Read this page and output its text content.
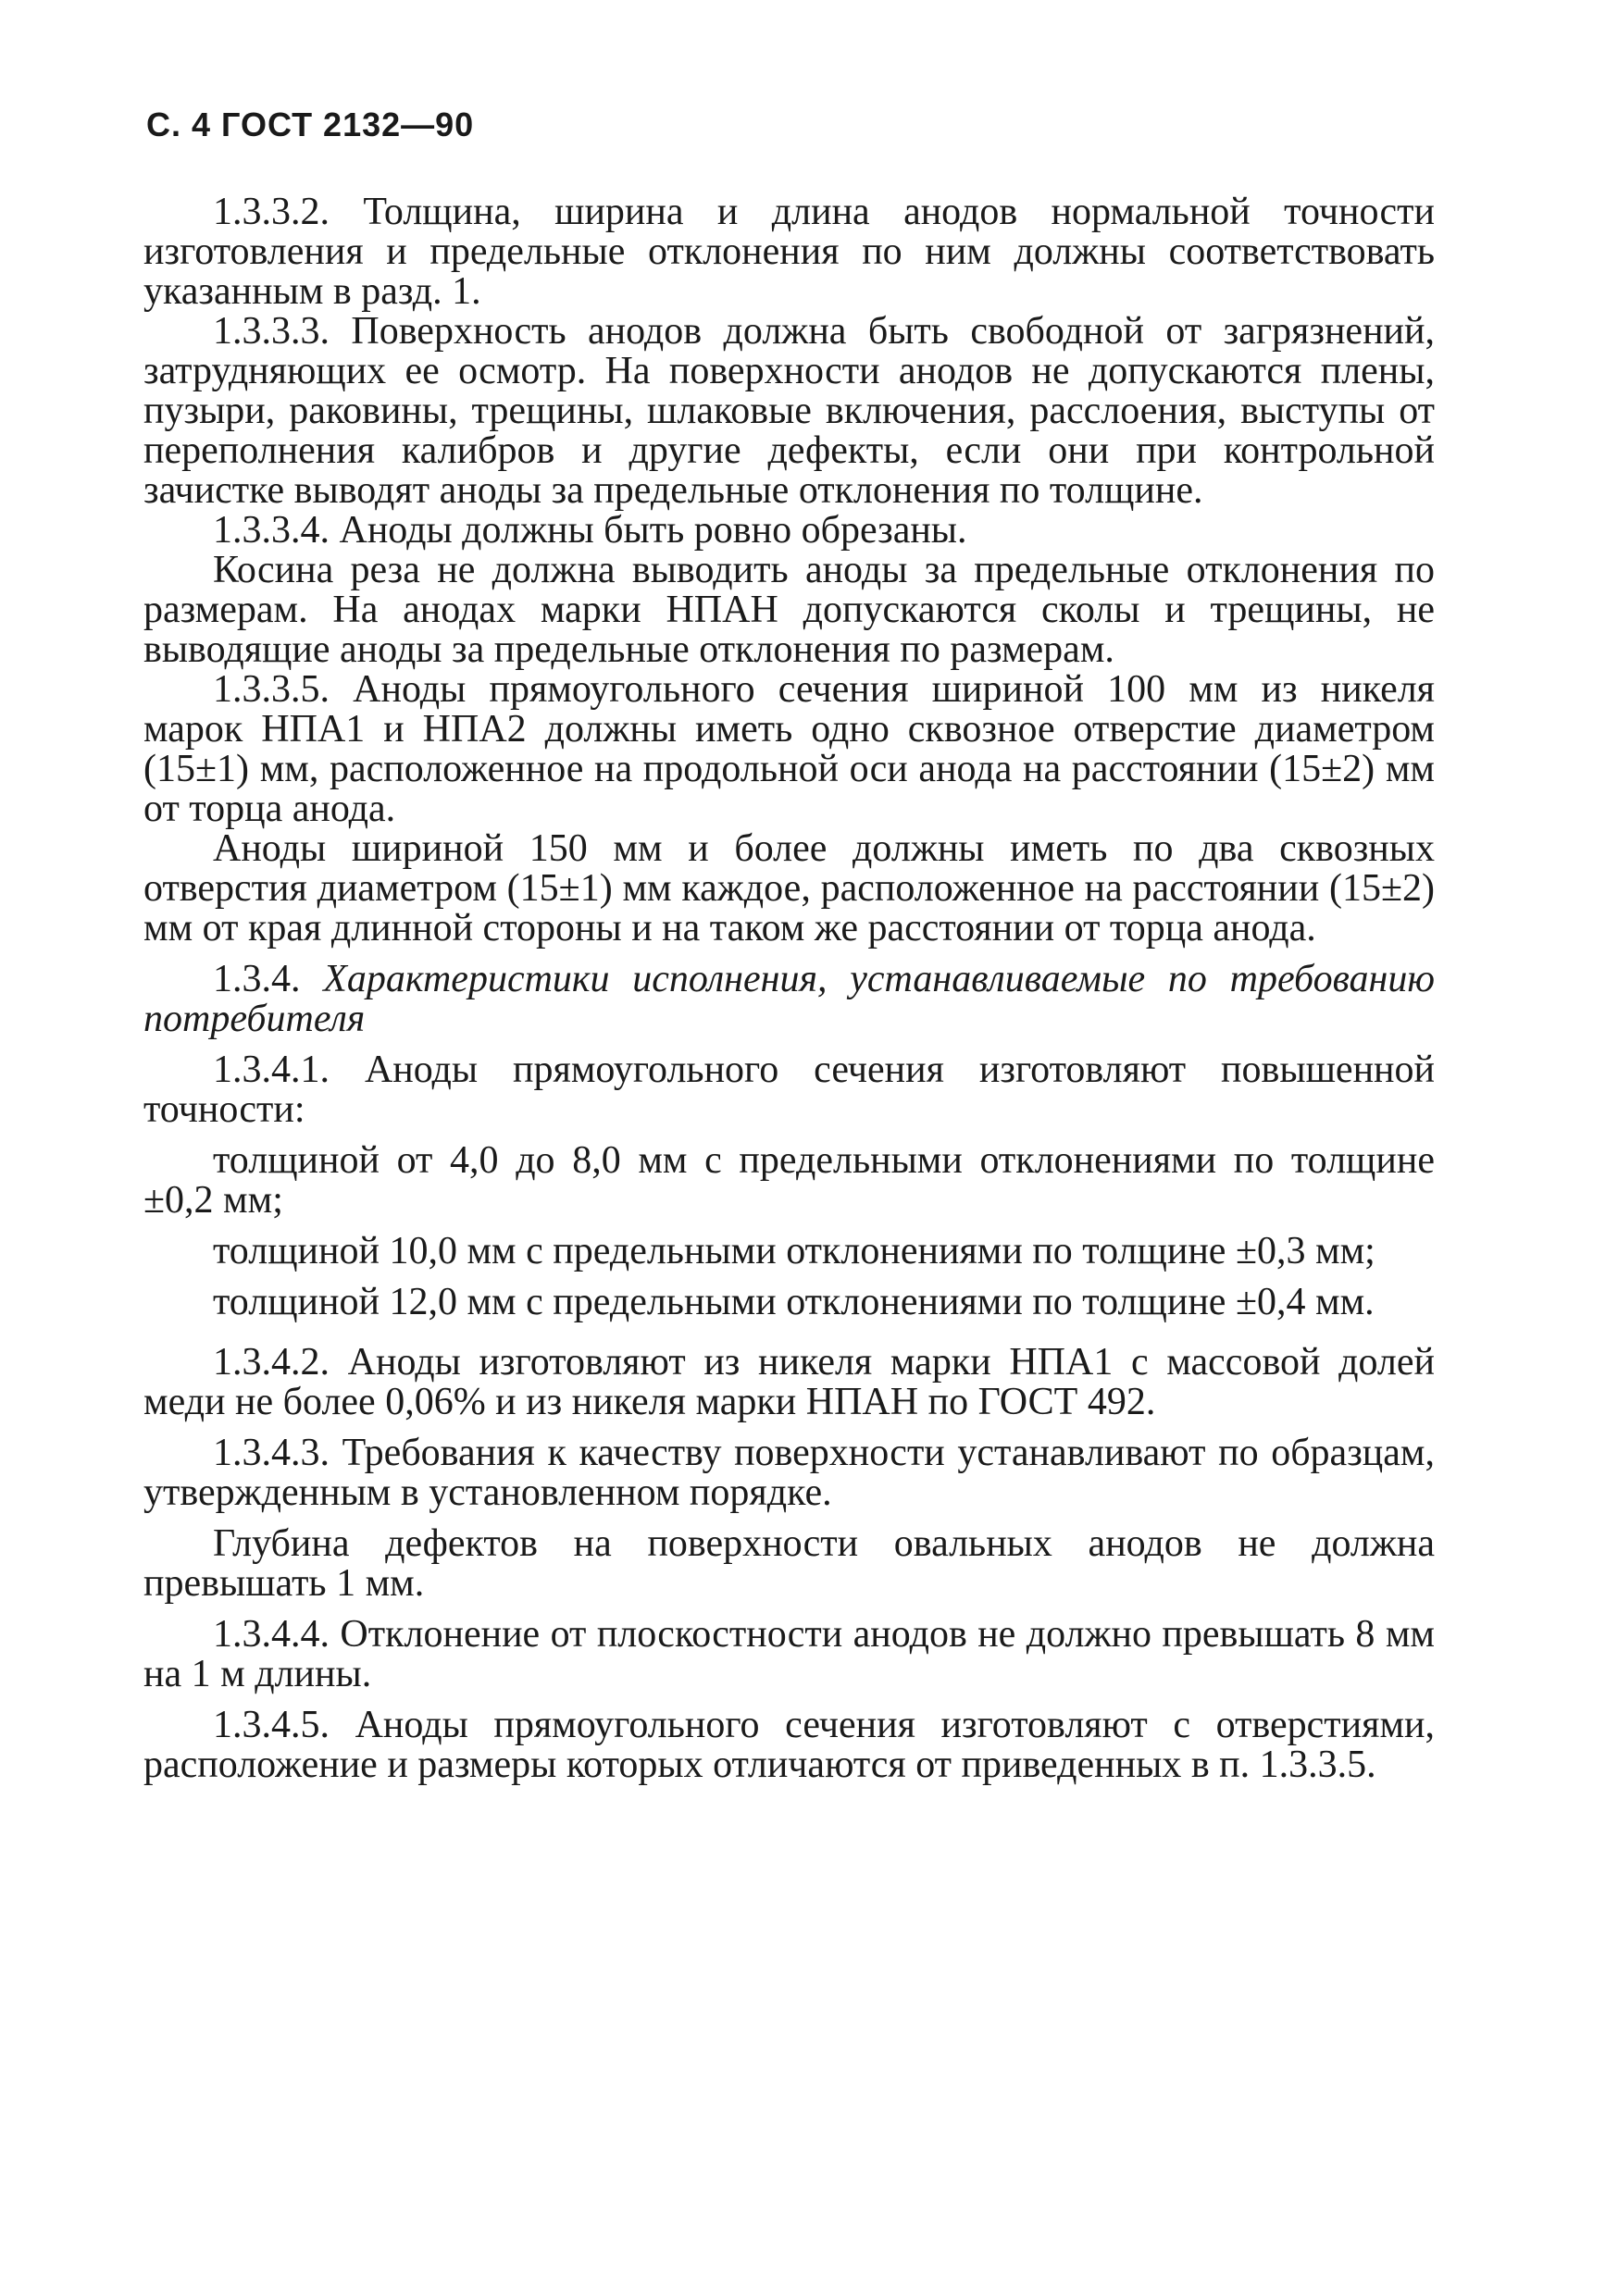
С. 4 ГОСТ 2132—90

1.3.3.2. Толщина, ширина и длина анодов нормальной точности изготовления и предельные отклонения по ним должны соответствовать указанным в разд. 1.

1.3.3.3. Поверхность анодов должна быть свободной от загрязнений, затрудняющих ее осмотр. На поверхности анодов не допускаются плены, пузыри, раковины, трещины, шлаковые включения, расслоения, выступы от переполнения калибров и другие дефекты, если они при контрольной зачистке выводят аноды за предельные отклонения по толщине.

1.3.3.4. Аноды должны быть ровно обрезаны.

Косина реза не должна выводить аноды за предельные отклонения по размерам. На анодах марки НПАН допускаются сколы и трещины, не выводящие аноды за предельные отклонения по размерам.

1.3.3.5. Аноды прямоугольного сечения шириной 100 мм из никеля марок НПА1 и НПА2 должны иметь одно сквозное отверстие диаметром (15±1) мм, расположенное на продольной оси анода на расстоянии (15±2) мм от торца анода.

Аноды шириной 150 мм и более должны иметь по два сквозных отверстия диаметром (15±1) мм каждое, расположенное на расстоянии (15±2) мм от края длинной стороны и на таком же расстоянии от торца анода.

1.3.4. Характеристики исполнения, устанавливаемые по требованию потребителя

1.3.4.1. Аноды прямоугольного сечения изготовляют повышенной точности:

толщиной от 4,0 до 8,0 мм с предельными отклонениями по толщине ±0,2 мм;

толщиной 10,0 мм с предельными отклонениями по толщине ±0,3 мм;

толщиной 12,0 мм с предельными отклонениями по толщине ±0,4 мм.

1.3.4.2. Аноды изготовляют из никеля марки НПА1 с массовой долей меди не более 0,06% и из никеля марки НПАН по ГОСТ 492.

1.3.4.3. Требования к качеству поверхности устанавливают по образцам, утвержденным в установленном порядке.

Глубина дефектов на поверхности овальных анодов не должна превышать 1 мм.

1.3.4.4. Отклонение от плоскостности анодов не должно превышать 8 мм на 1 м длины.

1.3.4.5. Аноды прямоугольного сечения изготовляют с отверстиями, расположение и размеры которых отличаются от приведенных в п. 1.3.3.5.
